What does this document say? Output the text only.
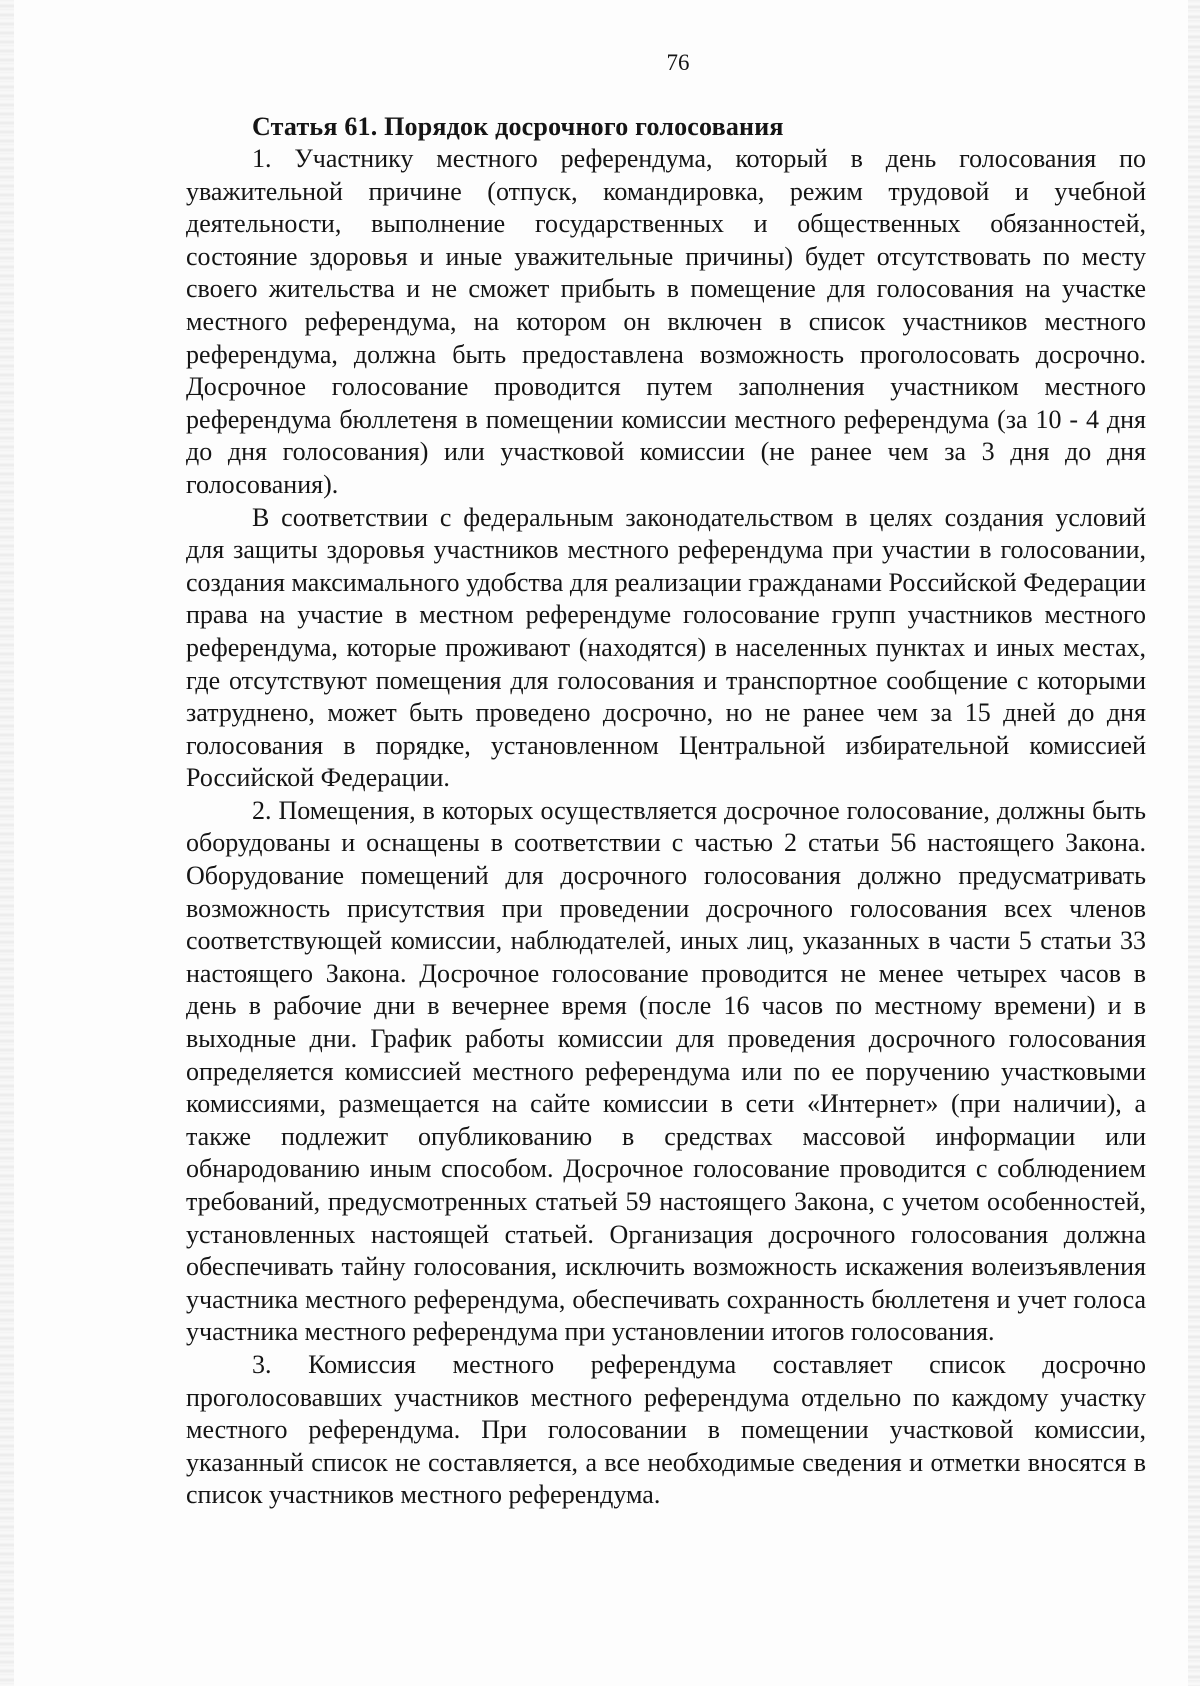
76
Статья 61. Порядок досрочного голосования

1. Участнику местного референдума, который в день голосования по уважительной причине (отпуск, командировка, режим трудовой и учебной деятельности, выполнение государственных и общественных обязанностей, состояние здоровья и иные уважительные причины) будет отсутствовать по месту своего жительства и не сможет прибыть в помещение для голосования на участке местного референдума, на котором он включен в список участников местного референдума, должна быть предоставлена возможность проголосовать досрочно. Досрочное голосование проводится путем заполнения участником местного референдума бюллетеня в помещении комиссии местного референдума (за 10 - 4 дня до дня голосования) или участковой комиссии (не ранее чем за 3 дня до дня голосования).

В соответствии с федеральным законодательством в целях создания условий для защиты здоровья участников местного референдума при участии в голосовании, создания максимального удобства для реализации гражданами Российской Федерации права на участие в местном референдуме голосование групп участников местного референдума, которые проживают (находятся) в населенных пунктах и иных местах, где отсутствуют помещения для голосования и транспортное сообщение с которыми затруднено, может быть проведено досрочно, но не ранее чем за 15 дней до дня голосования в порядке, установленном Центральной избирательной комиссией Российской Федерации.

2. Помещения, в которых осуществляется досрочное голосование, должны быть оборудованы и оснащены в соответствии с частью 2 статьи 56 настоящего Закона. Оборудование помещений для досрочного голосования должно предусматривать возможность присутствия при проведении досрочного голосования всех членов соответствующей комиссии, наблюдателей, иных лиц, указанных в части 5 статьи 33 настоящего Закона. Досрочное голосование проводится не менее четырех часов в день в рабочие дни в вечернее время (после 16 часов по местному времени) и в выходные дни. График работы комиссии для проведения досрочного голосования определяется комиссией местного референдума или по ее поручению участковыми комиссиями, размещается на сайте комиссии в сети «Интернет» (при наличии), а также подлежит опубликованию в средствах массовой информации или обнародованию иным способом. Досрочное голосование проводится с соблюдением требований, предусмотренных статьей 59 настоящего Закона, с учетом особенностей, установленных настоящей статьей. Организация досрочного голосования должна обеспечивать тайну голосования, исключить возможность искажения волеизъявления участника местного референдума, обеспечивать сохранность бюллетеня и учет голоса участника местного референдума при установлении итогов голосования.

3. Комиссия местного референдума составляет список досрочно проголосовавших участников местного референдума отдельно по каждому участку местного референдума. При голосовании в помещении участковой комиссии, указанный список не составляется, а все необходимые сведения и отметки вносятся в список участников местного референдума.
